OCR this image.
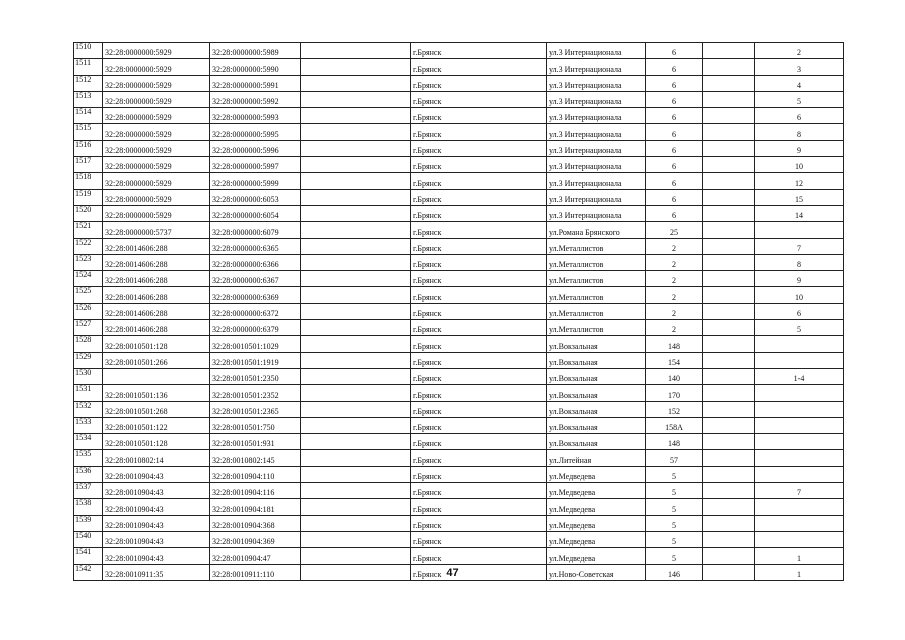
1510	32:28:0000000:5929	32:28:0000000:5989		г.Брянск	ул.3 Интернационала	6		2
1511	32:28:0000000:5929	32:28:0000000:5990		г.Брянск	ул.3 Интернационала	6		3
1512	32:28:0000000:5929	32:28:0000000:5991		г.Брянск	ул.3 Интернационала	6		4
1513	32:28:0000000:5929	32:28:0000000:5992		г.Брянск	ул.3 Интернационала	6		5
1514	32:28:0000000:5929	32:28:0000000:5993		г.Брянск	ул.3 Интернационала	6		6
1515	32:28:0000000:5929	32:28:0000000:5995		г.Брянск	ул.3 Интернационала	6		8
1516	32:28:0000000:5929	32:28:0000000:5996		г.Брянск	ул.3 Интернационала	6		9
1517	32:28:0000000:5929	32:28:0000000:5997		г.Брянск	ул.3 Интернационала	6		10
1518	32:28:0000000:5929	32:28:0000000:5999		г.Брянск	ул.3 Интернационала	6		12
1519	32:28:0000000:5929	32:28:0000000:6053		г.Брянск	ул.3 Интернационала	6		15
1520	32:28:0000000:5929	32:28:0000000:6054		г.Брянск	ул.3 Интернационала	6		14
1521	32:28:0000000:5737	32:28:0000000:6079		г.Брянск	ул.Романа Брянского	25		
1522	32:28:0014606:288	32:28:0000000:6365		г.Брянск	ул.Металлистов	2		7
1523	32:28:0014606:288	32:28:0000000:6366		г.Брянск	ул.Металлистов	2		8
1524	32:28:0014606:288	32:28:0000000:6367		г.Брянск	ул.Металлистов	2		9
1525	32:28:0014606:288	32:28:0000000:6369		г.Брянск	ул.Металлистов	2		10
1526	32:28:0014606:288	32:28:0000000:6372		г.Брянск	ул.Металлистов	2		6
1527	32:28:0014606:288	32:28:0000000:6379		г.Брянск	ул.Металлистов	2		5
1528	32:28:0010501:128	32:28:0010501:1029		г.Брянск	ул.Вокзальная	148		
1529	32:28:0010501:266	32:28:0010501:1919		г.Брянск	ул.Вокзальная	154		
1530		32:28:0010501:2350		г.Брянск	ул.Вокзальная	140		1-4
1531	32:28:0010501:136	32:28:0010501:2352		г.Брянск	ул.Вокзальная	170		
1532	32:28:0010501:268	32:28:0010501:2365		г.Брянск	ул.Вокзальная	152		
1533	32:28:0010501:122	32:28:0010501:750		г.Брянск	ул.Вокзальная	158А		
1534	32:28:0010501:128	32:28:0010501:931		г.Брянск	ул.Вокзальная	148		
1535	32:28:0010802:14	32:28:0010802:145		г.Брянск	ул.Литейная	57		
1536	32:28:0010904:43	32:28:0010904:110		г.Брянск	ул.Медведева	5		
1537	32:28:0010904:43	32:28:0010904:116		г.Брянск	ул.Медведева	5		7
1538	32:28:0010904:43	32:28:0010904:181		г.Брянск	ул.Медведева	5		
1539	32:28:0010904:43	32:28:0010904:368		г.Брянск	ул.Медведева	5		
1540	32:28:0010904:43	32:28:0010904:369		г.Брянск	ул.Медведева	5		
1541	32:28:0010904:43	32:28:0010904:47		г.Брянск	ул.Медведева	5		1
1542	32:28:0010911:35	32:28:0010911:110		г.Брянск	ул.Ново-Советская	146		1
47
